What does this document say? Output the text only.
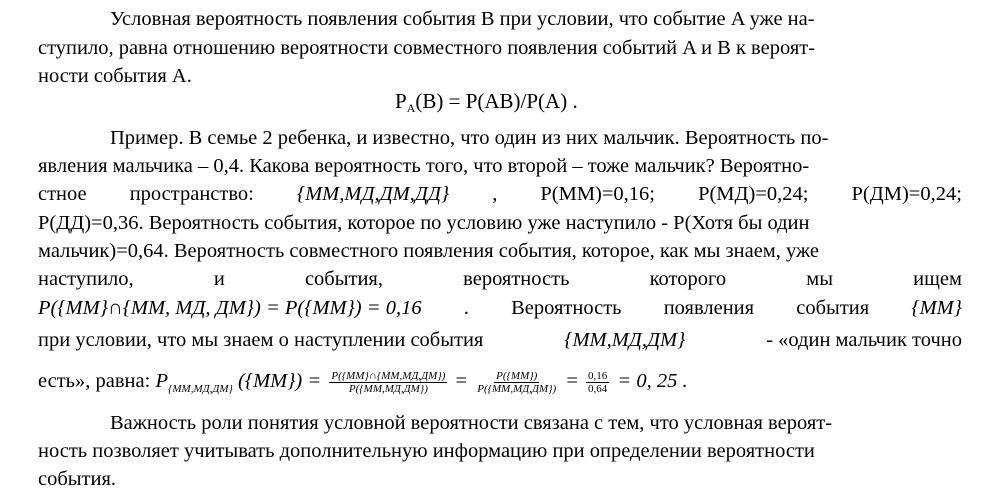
Условная вероятность появления события B при условии, что событие A уже на-
ступило, равна отношению вероятности совместного появления событий A и B к вероят-
ности события A.
$P_A(B) = P(AB)/P(A)$ .
Пример. В семье 2 ребенка, и известно, что один из них мальчик. Вероятность по-
явления мальчика – 0,4. Какова вероятность того, что второй – тоже мальчик? Вероятно-
стное пространство: {ММ,МД,ДМ,ДД} , P(ММ)=0,16; P(МД)=0,24; P(ДМ)=0,24;
P(ДД)=0,36. Вероятность события, которое по условию уже наступило - P(Хотя бы один
мальчик)=0,64. Вероятность совместного появления события, которое, как мы знаем, уже
наступило,	и	события,	вероятность	которого	мы	ищем
P({ММ}∩{ММ, МД, ДМ}) = P({ММ}) = 0,16 . Вероятность появления события {ММ}
при условии, что мы знаем о наступлении события	{ММ,МД,ДМ}	- «один мальчик точно
есть», равна: $P_{\{ММ,МД,ДМ\}}$ $(\{ММ\}) = \frac{P(\{ММ\}\cap\{ММ,МД,ДМ\})}{P(\{ММ,МД,ДМ\})} = \frac{P(\{ММ\})}{P(\{ММ,МД,ДМ\})} = \frac{0,16}{0,64} = 0$, 25 .
Важность роли понятия условной вероятности связана с тем, что условная вероят-
ность позволяет учитывать дополнительную информацию при определении вероятности
события.
